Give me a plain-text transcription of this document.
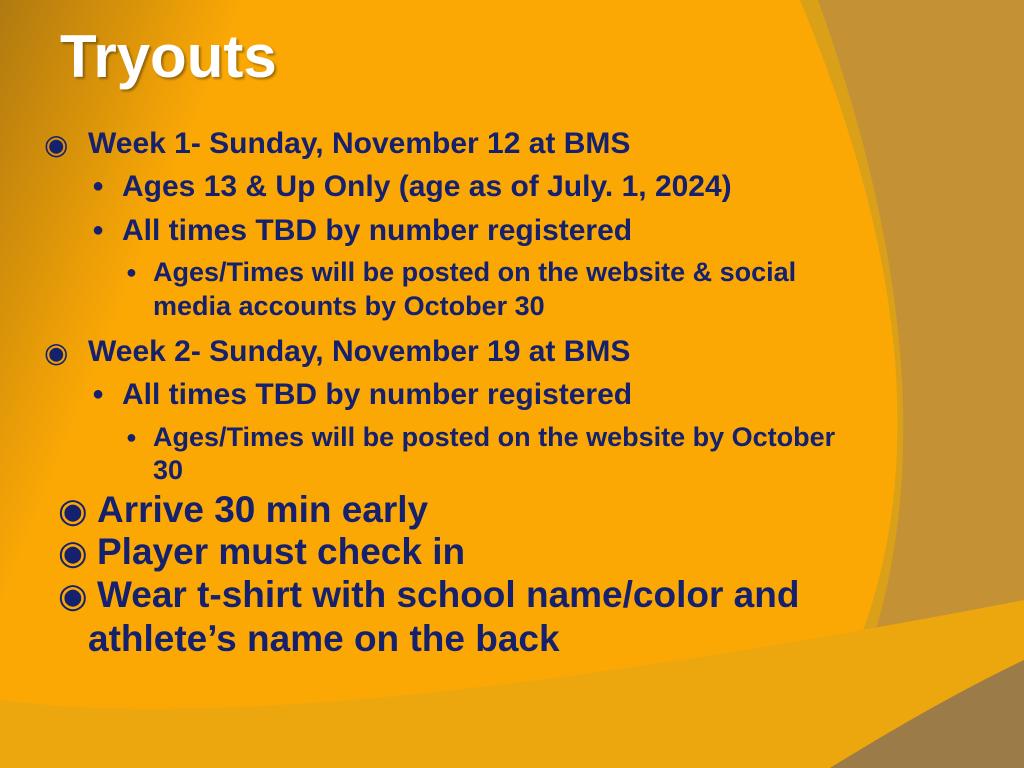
Tryouts
◉ Week 1- Sunday, November 12 at BMS
● Ages 13 & Up Only (age as of July. 1, 2024)
● All times TBD by number registered
● Ages/Times will be posted on the website & social
media accounts by October 30
◉ Week 2- Sunday, November 19 at BMS
● All times TBD by number registered
● Ages/Times will be posted on the website by October
30
◉ Arrive 30 min early
◉ Player must check in
◉ Wear t-shirt with school name/color and
athlete’s name on the back
